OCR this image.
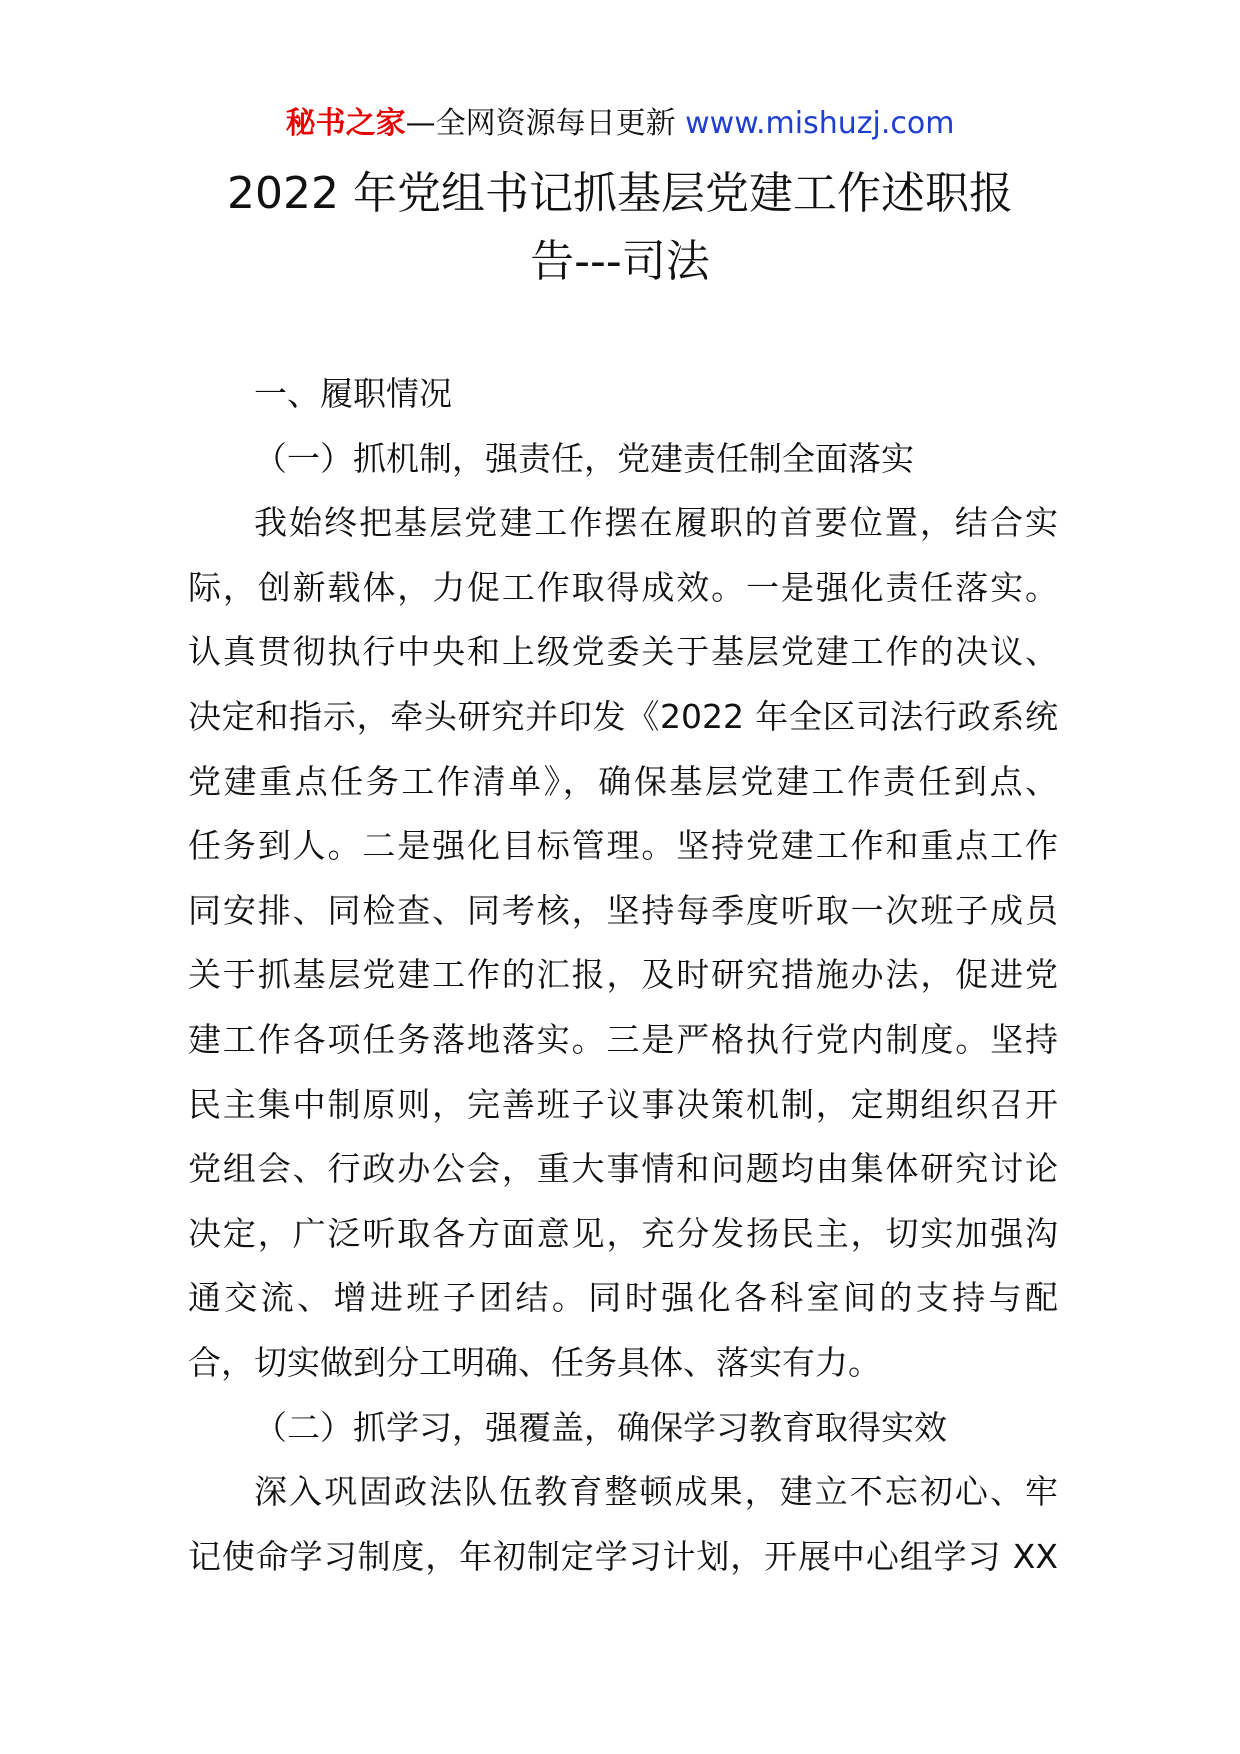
秘书之家—全网资源每日更新 www.mishuzj.com
2022 年党组书记抓基层党建工作述职报
告---司法
一、履职情况
（一）抓机制，强责任，党建责任制全面落实
我始终把基层党建工作摆在履职的首要位置，结合实
际，创新载体，力促工作取得成效。一是强化责任落实。
认真贯彻执行中央和上级党委关于基层党建工作的决议、
决定和指示，牵头研究并印发《2022 年全区司法行政系统
党建重点任务工作清单》，确保基层党建工作责任到点、
任务到人。二是强化目标管理。坚持党建工作和重点工作
同安排、同检查、同考核，坚持每季度听取一次班子成员
关于抓基层党建工作的汇报，及时研究措施办法，促进党
建工作各项任务落地落实。三是严格执行党内制度。坚持
民主集中制原则，完善班子议事决策机制，定期组织召开
党组会、行政办公会，重大事情和问题均由集体研究讨论
决定，广泛听取各方面意见，充分发扬民主，切实加强沟
通交流、增进班子团结。同时强化各科室间的支持与配
合，切实做到分工明确、任务具体、落实有力。
（二）抓学习，强覆盖，确保学习教育取得实效
深入巩固政法队伍教育整顿成果，建立不忘初心、牢
记使命学习制度，年初制定学习计划，开展中心组学习 XX
